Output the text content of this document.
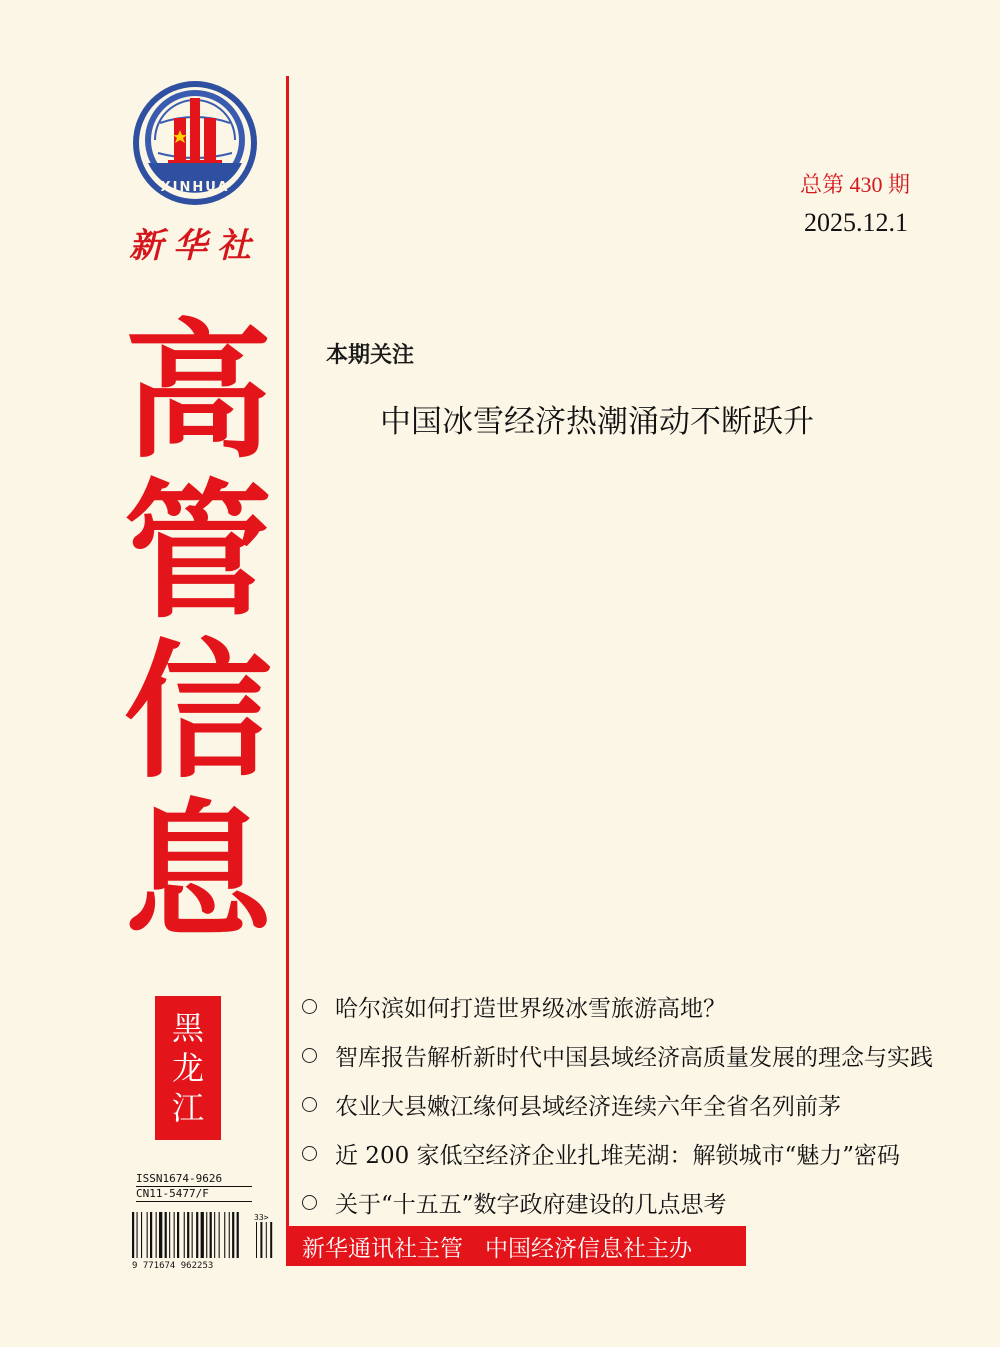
XINHUA
新华社
高
管
信
息
黑
龙
江
ISSN1674-9626
CN11-5477/F
9 771674 962253
33>
总第 430 期
2025.12.1
本期关注
中国冰雪经济热潮涌动不断跃升
哈尔滨如何打造世界级冰雪旅游高地？
智库报告解析新时代中国县域经济高质量发展的理念与实践
农业大县嫩江缘何县域经济连续六年全省名列前茅
近 200 家低空经济企业扎堆芜湖：解锁城市“魅力”密码
关于“十五五”数字政府建设的几点思考
新华通讯社主管 中国经济信息社主办
